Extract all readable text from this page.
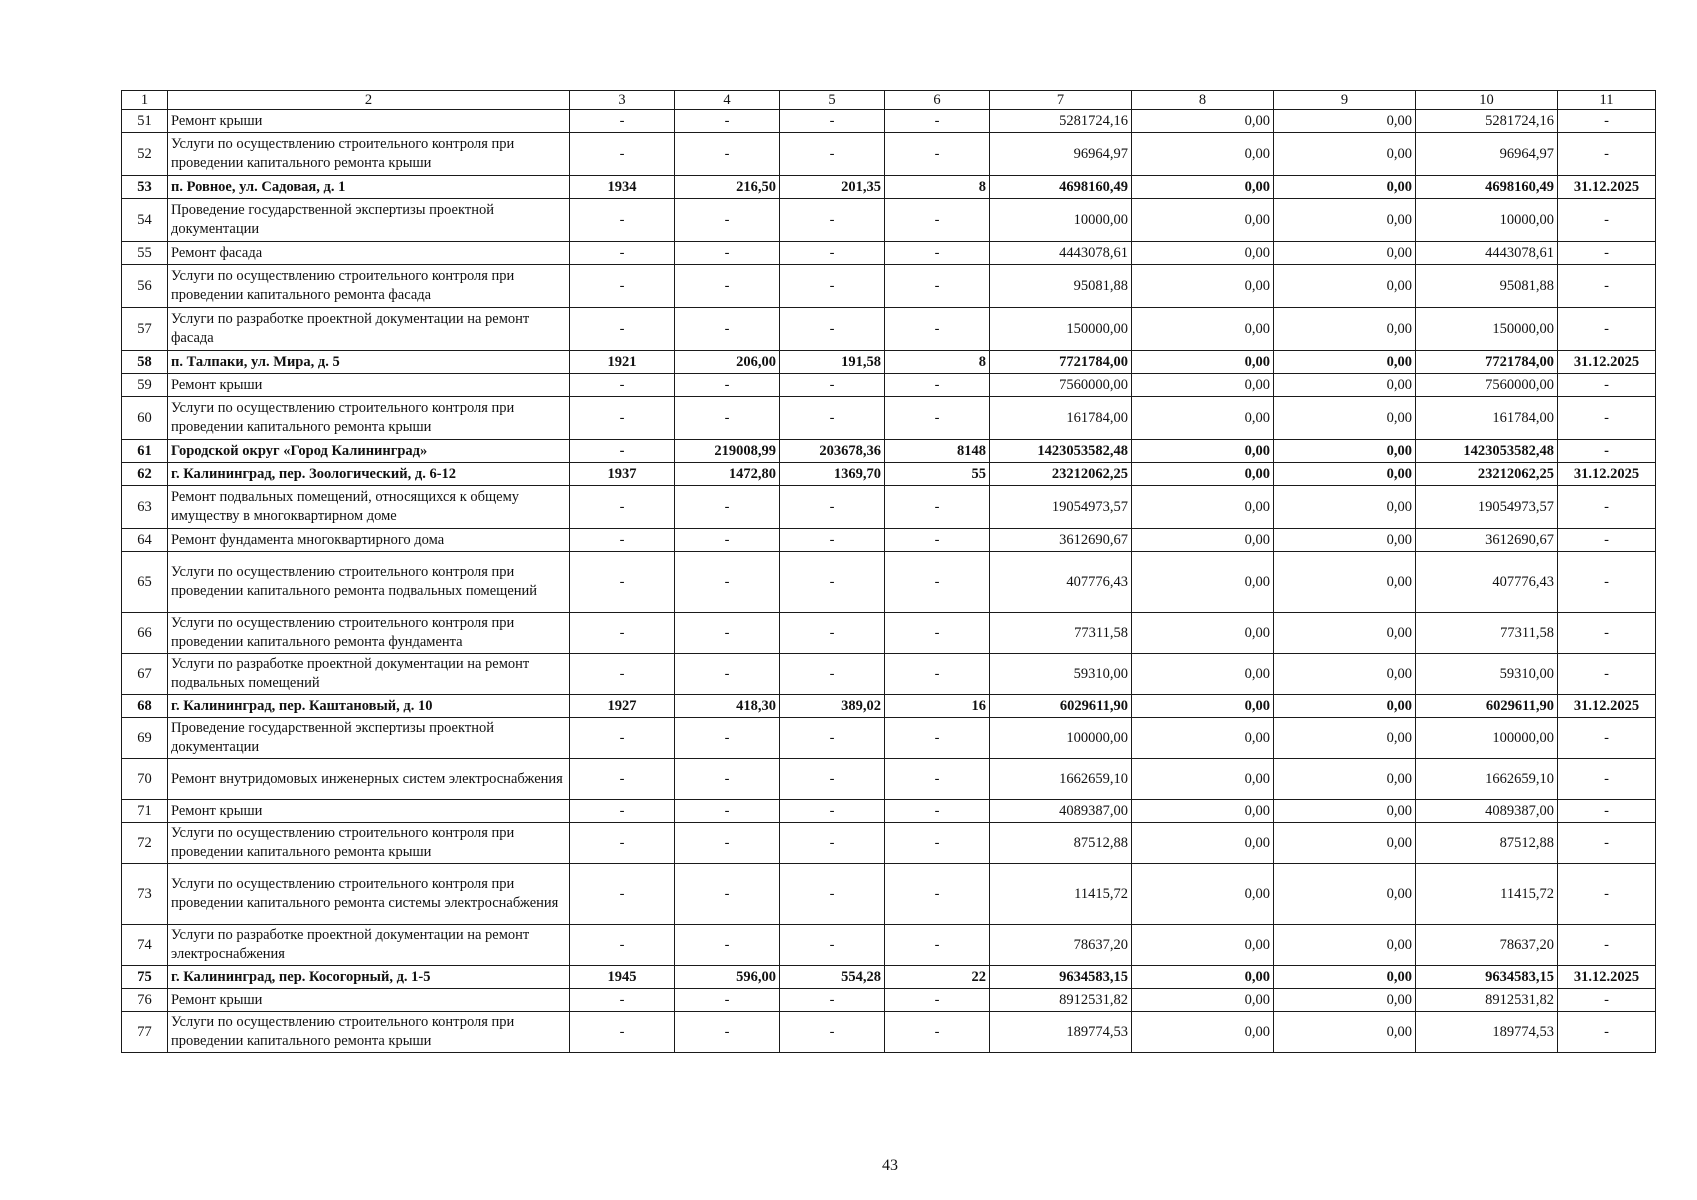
1	2	3	4	5	6	7	8	9	10	11
51	Ремонт крыши	-	-	-	-	5281724,16	0,00	0,00	5281724,16	-
52	Услуги по осуществлению строительного контроля при проведении капитального ремонта крыши	-	-	-	-	96964,97	0,00	0,00	96964,97	-
53	п. Ровное, ул. Садовая, д. 1	1934	216,50	201,35	8	4698160,49	0,00	0,00	4698160,49	31.12.2025
54	Проведение государственной экспертизы проектной документации	-	-	-	-	10000,00	0,00	0,00	10000,00	-
55	Ремонт фасада	-	-	-	-	4443078,61	0,00	0,00	4443078,61	-
56	Услуги по осуществлению строительного контроля при проведении капитального ремонта фасада	-	-	-	-	95081,88	0,00	0,00	95081,88	-
57	Услуги по разработке проектной документации на ремонт фасада	-	-	-	-	150000,00	0,00	0,00	150000,00	-
58	п. Талпаки, ул. Мира, д. 5	1921	206,00	191,58	8	7721784,00	0,00	0,00	7721784,00	31.12.2025
59	Ремонт крыши	-	-	-	-	7560000,00	0,00	0,00	7560000,00	-
60	Услуги по осуществлению строительного контроля при проведении капитального ремонта крыши	-	-	-	-	161784,00	0,00	0,00	161784,00	-
61	Городской округ «Город Калининград»	-	219008,99	203678,36	8148	1423053582,48	0,00	0,00	1423053582,48	-
62	г. Калининград, пер. Зоологический, д. 6-12	1937	1472,80	1369,70	55	23212062,25	0,00	0,00	23212062,25	31.12.2025
63	Ремонт подвальных помещений, относящихся к общему имуществу в многоквартирном доме	-	-	-	-	19054973,57	0,00	0,00	19054973,57	-
64	Ремонт фундамента многоквартирного дома	-	-	-	-	3612690,67	0,00	0,00	3612690,67	-
65	Услуги по осуществлению строительного контроля при проведении капитального ремонта подвальных помещений	-	-	-	-	407776,43	0,00	0,00	407776,43	-
66	Услуги по осуществлению строительного контроля при проведении капитального ремонта фундамента	-	-	-	-	77311,58	0,00	0,00	77311,58	-
67	Услуги по разработке проектной документации на ремонт подвальных помещений	-	-	-	-	59310,00	0,00	0,00	59310,00	-
68	г. Калининград, пер. Каштановый, д. 10	1927	418,30	389,02	16	6029611,90	0,00	0,00	6029611,90	31.12.2025
69	Проведение государственной экспертизы проектной документации	-	-	-	-	100000,00	0,00	0,00	100000,00	-
70	Ремонт внутридомовых инженерных систем электроснабжения	-	-	-	-	1662659,10	0,00	0,00	1662659,10	-
71	Ремонт крыши	-	-	-	-	4089387,00	0,00	0,00	4089387,00	-
72	Услуги по осуществлению строительного контроля при проведении капитального ремонта крыши	-	-	-	-	87512,88	0,00	0,00	87512,88	-
73	Услуги по осуществлению строительного контроля при проведении капитального ремонта системы электроснабжения	-	-	-	-	11415,72	0,00	0,00	11415,72	-
74	Услуги по разработке проектной документации на ремонт электроснабжения	-	-	-	-	78637,20	0,00	0,00	78637,20	-
75	г. Калининград, пер. Косогорный, д. 1-5	1945	596,00	554,28	22	9634583,15	0,00	0,00	9634583,15	31.12.2025
76	Ремонт крыши	-	-	-	-	8912531,82	0,00	0,00	8912531,82	-
77	Услуги по осуществлению строительного контроля при проведении капитального ремонта крыши	-	-	-	-	189774,53	0,00	0,00	189774,53	-
43
